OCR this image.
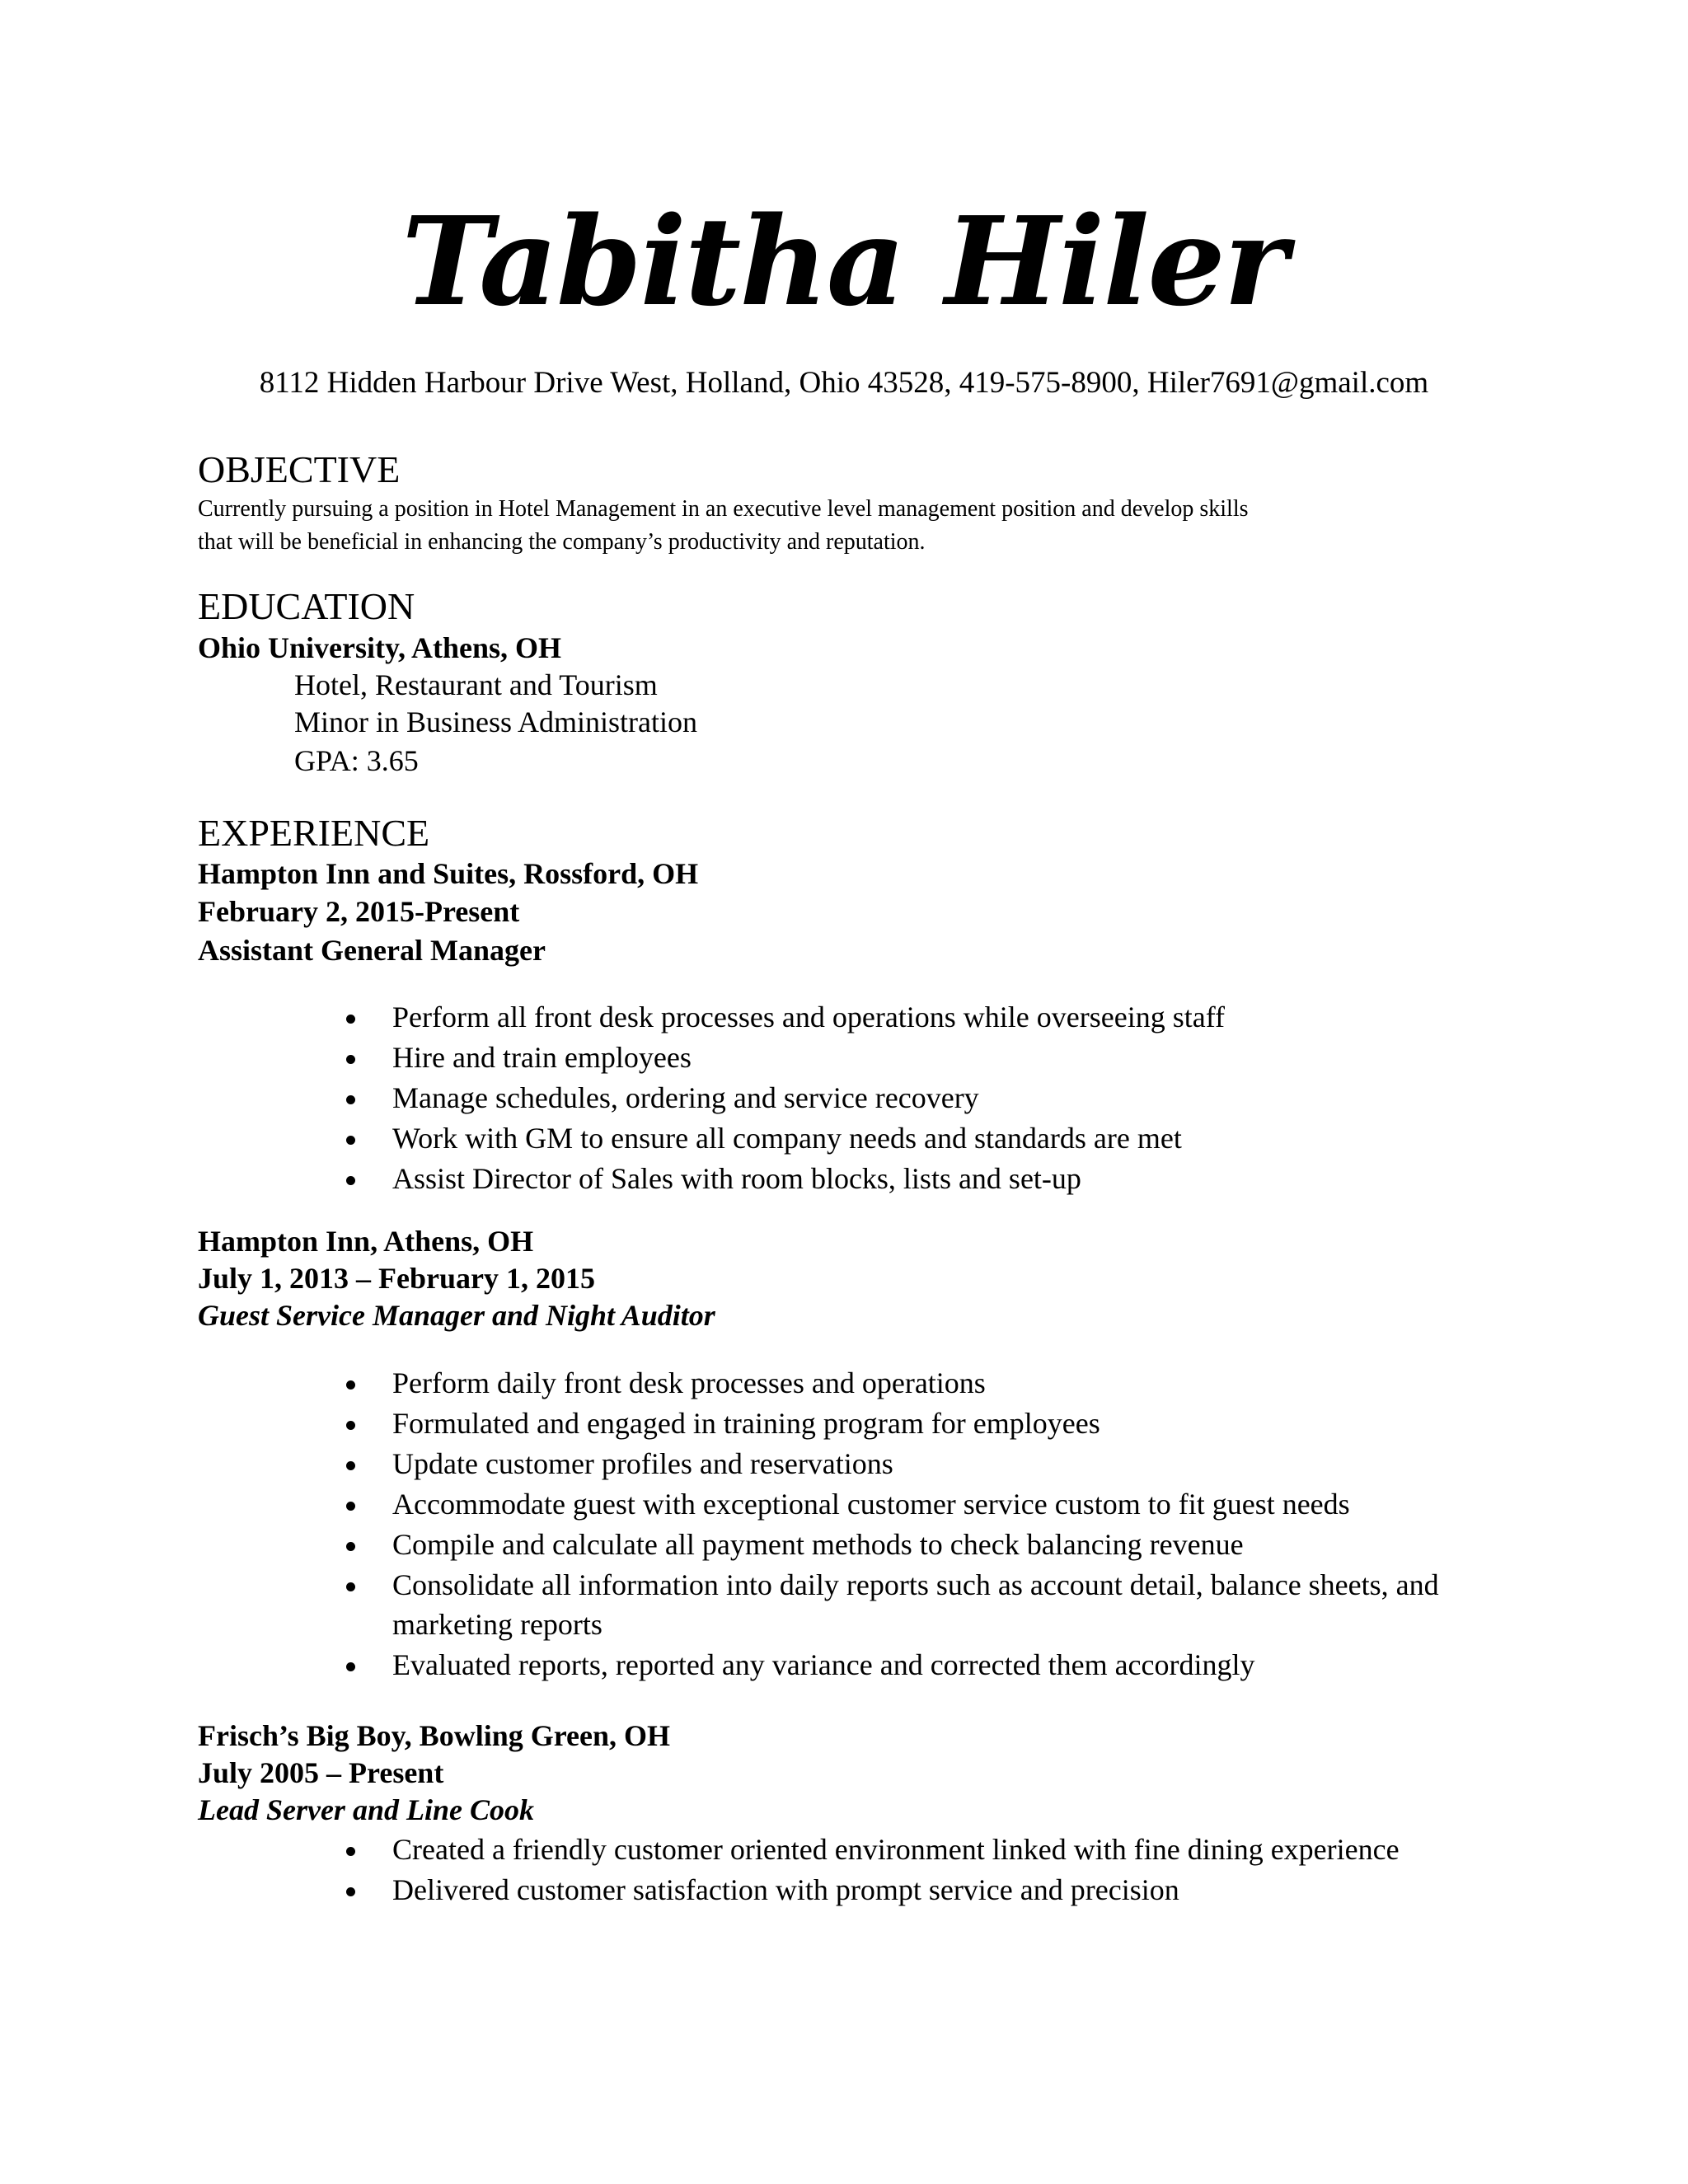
Tabitha Hiler
8112 Hidden Harbour Drive West, Holland, Ohio 43528, 419-575-8900, Hiler7691@gmail.com
OBJECTIVE
Currently pursuing a position in Hotel Management in an executive level management position and develop skills
that will be beneficial in enhancing the company’s productivity and reputation.
EDUCATION
Ohio University, Athens, OH
Hotel, Restaurant and Tourism
Minor in Business Administration
GPA: 3.65
EXPERIENCE
Hampton Inn and Suites, Rossford, OH
February 2, 2015-Present
Assistant General Manager
Perform all front desk processes and operations while overseeing staff
Hire and train employees
Manage schedules, ordering and service recovery
Work with GM to ensure all company needs and standards are met
Assist Director of Sales with room blocks, lists and set-up
Hampton Inn, Athens, OH
July 1, 2013 – February 1, 2015
Guest Service Manager and Night Auditor
Perform daily front desk processes and operations
Formulated and engaged in training program for employees
Update customer profiles and reservations
Accommodate guest with exceptional customer service custom to fit guest needs
Compile and calculate all payment methods to check balancing revenue
Consolidate all information into daily reports such as account detail, balance sheets, and marketing reports
Evaluated reports, reported any variance and corrected them accordingly
Frisch’s Big Boy, Bowling Green, OH
July 2005 – Present
Lead Server and Line Cook
Created a friendly customer oriented environment linked with fine dining experience
Delivered customer satisfaction with prompt service and precision
